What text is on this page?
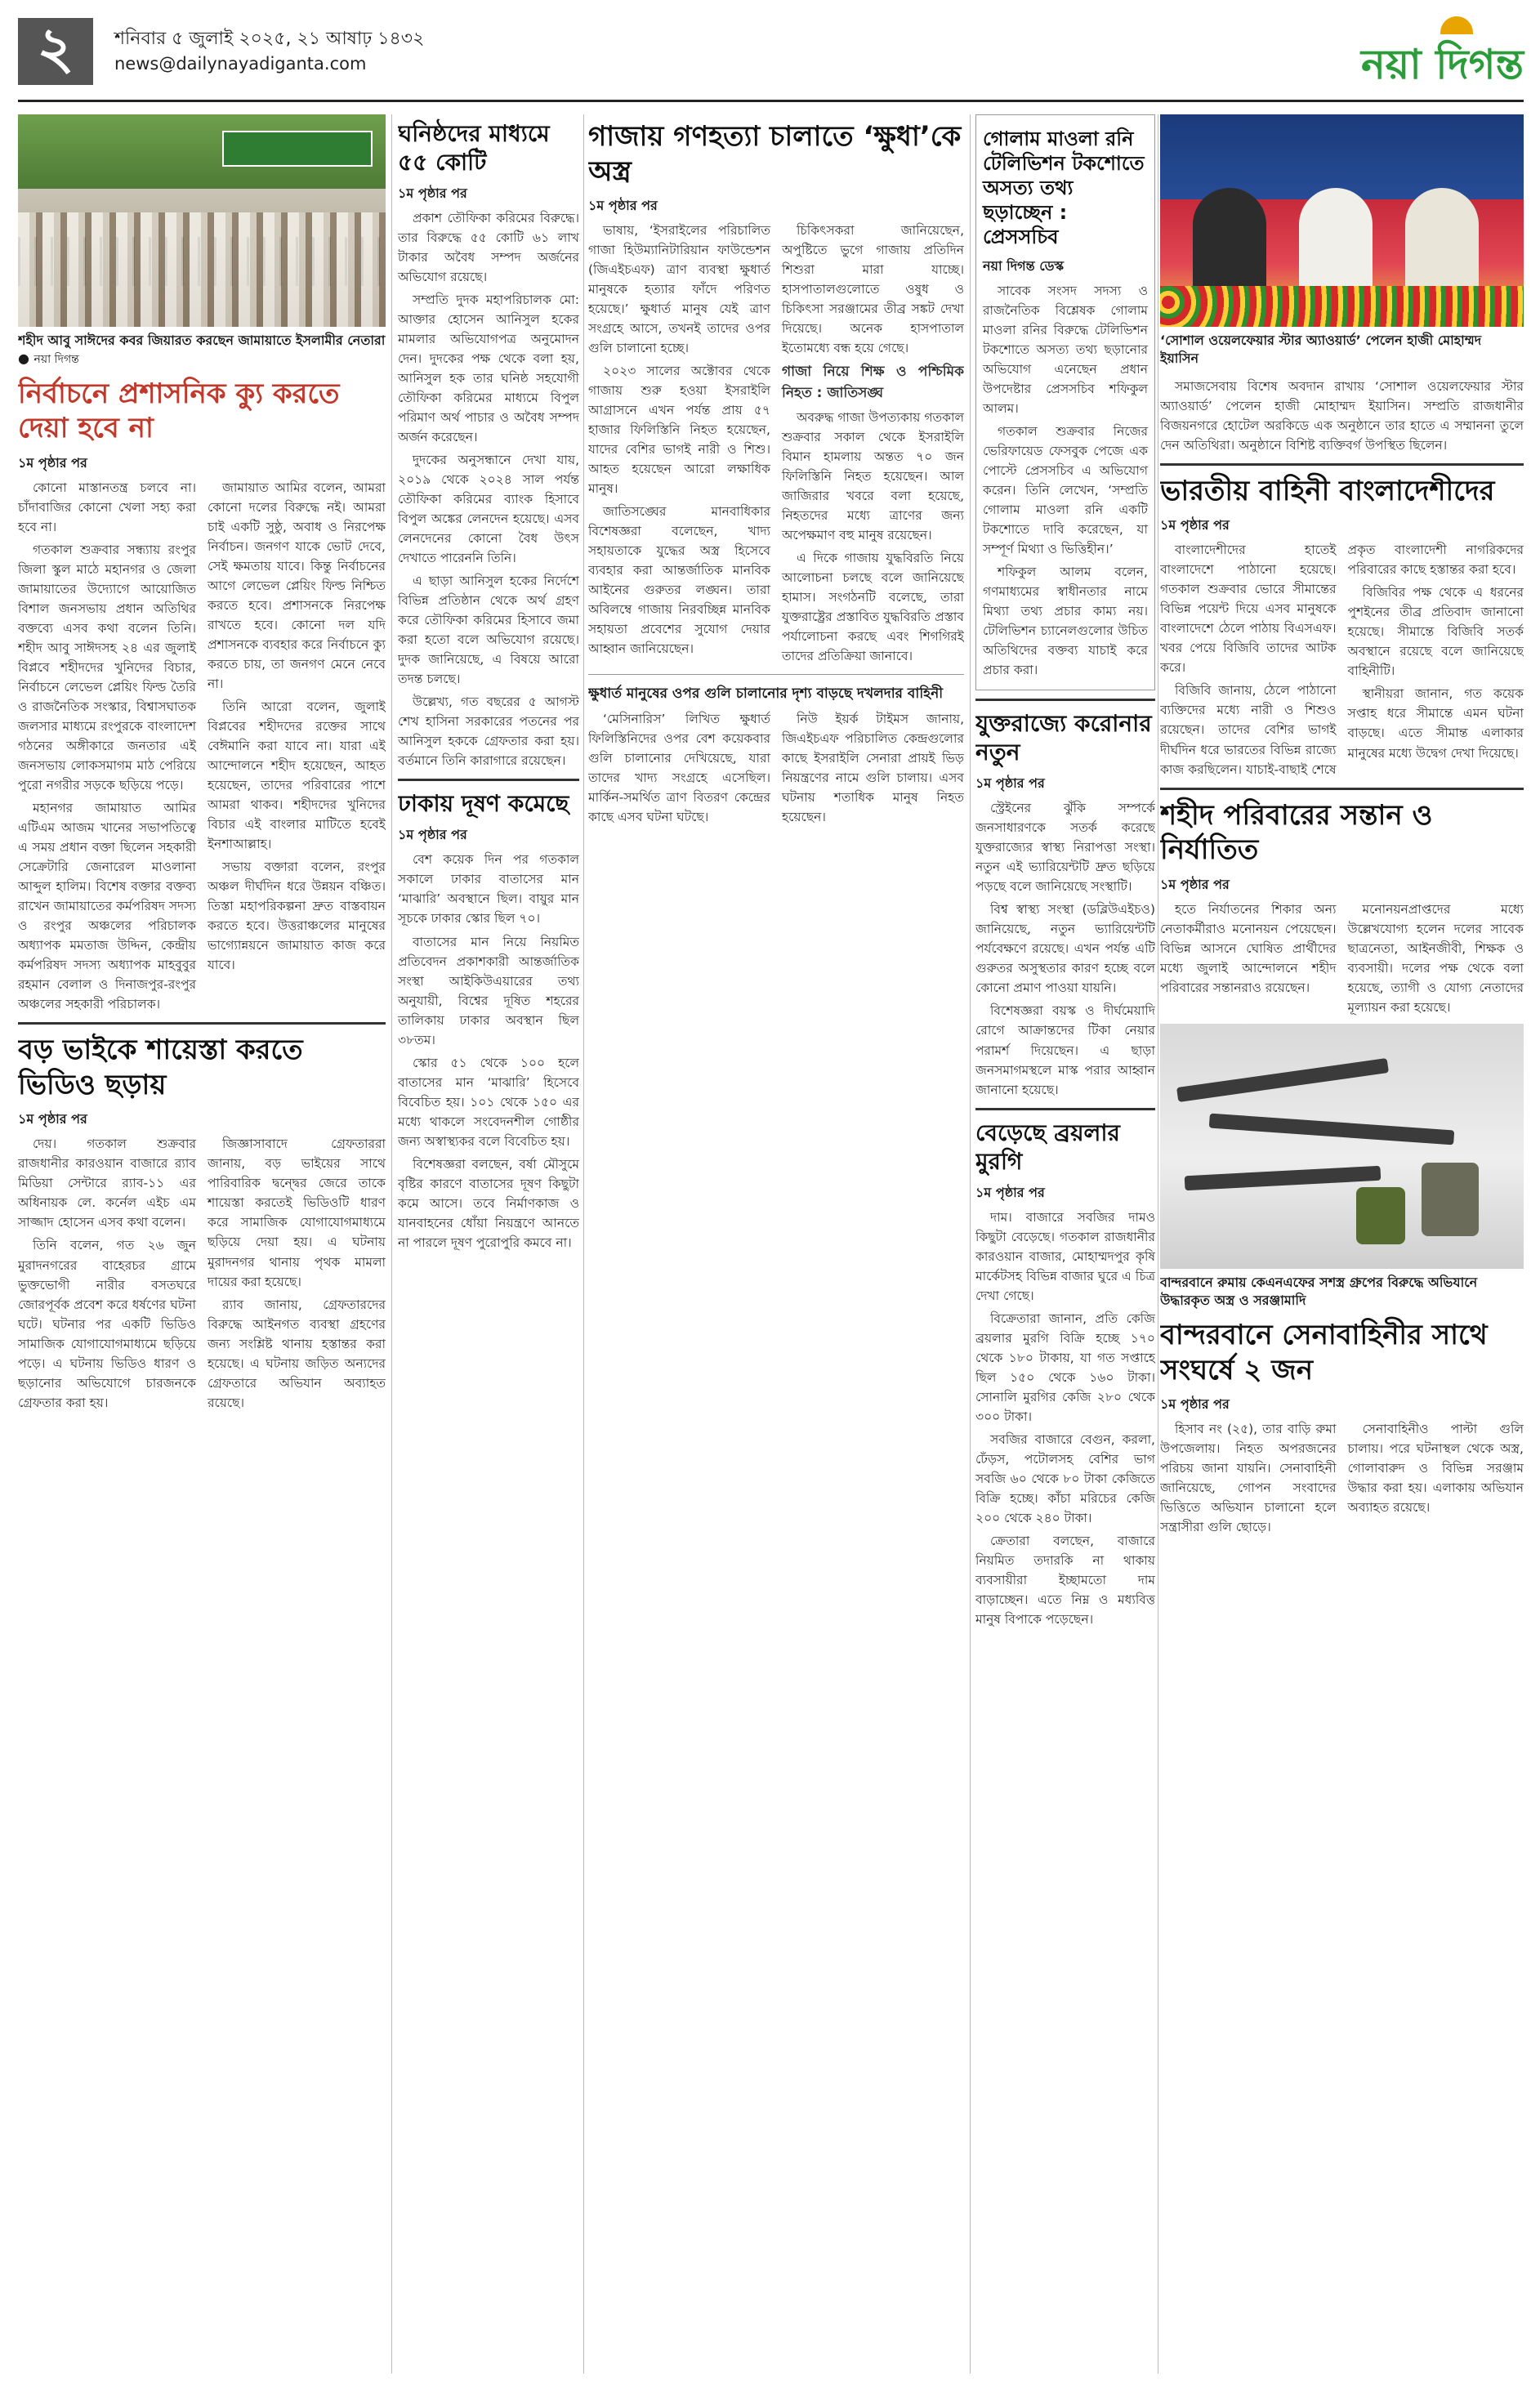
২	শনিবার ৫ জুলাই ২০২৫, ২১ আষাঢ় ১৪৩২
news@dailynayadiganta.com	নয়া দিগন্ত
শহীদ আবু সাঈদের কবর জিয়ারত করছেন জামায়াতে ইসলামীর নেতারা ● নয়া দিগন্ত
নির্বাচনে প্রশাসনিক ক্যু করতে দেয়া হবে না
১ম পৃষ্ঠার পর

কোনো মাস্তানতন্ত্র চলবে না। চাঁদাবাজির কোনো খেলা সহ্য করা হবে না।

গতকাল শুক্রবার সন্ধ্যায় রংপুর জিলা স্কুল মাঠে মহানগর ও জেলা জামায়াতের উদ্যোগে আয়োজিত বিশাল জনসভায় প্রধান অতিথির বক্তব্যে এসব কথা বলেন তিনি। শহীদ আবু সাঈদসহ ২৪ এর জুলাই বিপ্লবে শহীদদের খুনিদের বিচার, নির্বাচনে লেভেল প্লেয়িং ফিল্ড তৈরি ও রাজনৈতিক সংস্কার, বিশ্বাসঘাতক জলসার মাধ্যমে রংপুরকে বাংলাদেশ গঠনের অঙ্গীকারে জনতার এই জনসভায় লোকসমাগম মাঠ পেরিয়ে পুরো নগরীর সড়কে ছড়িয়ে পড়ে।

মহানগর জামায়াত আমির এটিএম আজম খানের সভাপতিত্বে এ সময় প্রধান বক্তা ছিলেন সহকারী সেক্রেটারি জেনারেল মাওলানা আব্দুল হালিম। বিশেষ বক্তার বক্তব্য রাখেন জামায়াতের কর্মপরিষদ সদস্য ও রংপুর অঞ্চলের পরিচালক অধ্যাপক মমতাজ উদ্দিন, কেন্দ্রীয় কর্মপরিষদ সদস্য অধ্যাপক মাহবুবুর রহমান বেলাল ও দিনাজপুর-রংপুর অঞ্চলের সহকারী পরিচালক।

জামায়াত আমির বলেন, আমরা কোনো দলের বিরুদ্ধে নই। আমরা চাই একটি সুষ্ঠু, অবাধ ও নিরপেক্ষ নির্বাচন। জনগণ যাকে ভোট দেবে, সেই ক্ষমতায় যাবে। কিন্তু নির্বাচনের আগে লেভেল প্লেয়িং ফিল্ড নিশ্চিত করতে হবে। প্রশাসনকে নিরপেক্ষ রাখতে হবে। কোনো দল যদি প্রশাসনকে ব্যবহার করে নির্বাচনে ক্যু করতে চায়, তা জনগণ মেনে নেবে না।

তিনি আরো বলেন, জুলাই বিপ্লবের শহীদদের রক্তের সাথে বেঈমানি করা যাবে না। যারা এই আন্দোলনে শহীদ হয়েছেন, আহত হয়েছেন, তাদের পরিবারের পাশে আমরা থাকব। শহীদদের খুনিদের বিচার এই বাংলার মাটিতে হবেই ইনশাআল্লাহ।

সভায় বক্তারা বলেন, রংপুর অঞ্চল দীর্ঘদিন ধরে উন্নয়ন বঞ্চিত। তিস্তা মহাপরিকল্পনা দ্রুত বাস্তবায়ন করতে হবে। উত্তরাঞ্চলের মানুষের ভাগ্যোন্নয়নে জামায়াত কাজ করে যাবে।

বড় ভাইকে শায়েস্তা করতে ভিডিও ছড়ায়
১ম পৃষ্ঠার পর

দেয়। গতকাল শুক্রবার রাজধানীর কারওয়ান বাজারে র‌্যাব মিডিয়া সেন্টারে র‌্যাব-১১ এর অধিনায়ক লে. কর্নেল এইচ এম সাজ্জাদ হোসেন এসব কথা বলেন।

তিনি বলেন, গত ২৬ জুন মুরাদনগরের বাহেরচর গ্রামে ভুক্তভোগী নারীর বসতঘরে জোরপূর্বক প্রবেশ করে ধর্ষণের ঘটনা ঘটে। ঘটনার পর একটি ভিডিও সামাজিক যোগাযোগমাধ্যমে ছড়িয়ে পড়ে। এ ঘটনায় ভিডিও ধারণ ও ছড়ানোর অভিযোগে চারজনকে গ্রেফতার করা হয়।

জিজ্ঞাসাবাদে গ্রেফতাররা জানায়, বড় ভাইয়ের সাথে পারিবারিক দ্বন্দ্বের জেরে তাকে শায়েস্তা করতেই ভিডিওটি ধারণ করে সামাজিক যোগাযোগমাধ্যমে ছড়িয়ে দেয়া হয়। এ ঘটনায় মুরাদনগর থানায় পৃথক মামলা দায়ের করা হয়েছে।

র‌্যাব জানায়, গ্রেফতারদের বিরুদ্ধে আইনগত ব্যবস্থা গ্রহণের জন্য সংশ্লিষ্ট থানায় হস্তান্তর করা হয়েছে। এ ঘটনায় জড়িত অন্যদের গ্রেফতারে অভিযান অব্যাহত রয়েছে।

ঘনিষ্ঠদের মাধ্যমে ৫৫ কোটি
১ম পৃষ্ঠার পর

প্রকাশ তৌফিকা করিমের বিরুদ্ধে। তার বিরুদ্ধে ৫৫ কোটি ৬১ লাখ টাকার অবৈধ সম্পদ অর্জনের অভিযোগ রয়েছে।

সম্প্রতি দুদক মহাপরিচালক মো: আক্তার হোসেন আনিসুল হকের মামলার অভিযোগপত্র অনুমোদন দেন। দুদকের পক্ষ থেকে বলা হয়, আনিসুল হক তার ঘনিষ্ঠ সহযোগী তৌফিকা করিমের মাধ্যমে বিপুল পরিমাণ অর্থ পাচার ও অবৈধ সম্পদ অর্জন করেছেন।

দুদকের অনুসন্ধানে দেখা যায়, ২০১৯ থেকে ২০২৪ সাল পর্যন্ত তৌফিকা করিমের ব্যাংক হিসাবে বিপুল অঙ্কের লেনদেন হয়েছে। এসব লেনদেনের কোনো বৈধ উৎস দেখাতে পারেননি তিনি।

এ ছাড়া আনিসুল হকের নির্দেশে বিভিন্ন প্রতিষ্ঠান থেকে অর্থ গ্রহণ করে তৌফিকা করিমের হিসাবে জমা করা হতো বলে অভিযোগ রয়েছে। দুদক জানিয়েছে, এ বিষয়ে আরো তদন্ত চলছে।

উল্লেখ্য, গত বছরের ৫ আগস্ট শেখ হাসিনা সরকারের পতনের পর আনিসুল হককে গ্রেফতার করা হয়। বর্তমানে তিনি কারাগারে রয়েছেন।

ঢাকায় দূষণ কমেছে
১ম পৃষ্ঠার পর

বেশ কয়েক দিন পর গতকাল সকালে ঢাকার বাতাসের মান ‘মাঝারি’ অবস্থানে ছিল। বায়ুর মান সূচকে ঢাকার স্কোর ছিল ৭০।

বাতাসের মান নিয়ে নিয়মিত প্রতিবেদন প্রকাশকারী আন্তর্জাতিক সংস্থা আইকিউএয়ারের তথ্য অনুযায়ী, বিশ্বের দূষিত শহরের তালিকায় ঢাকার অবস্থান ছিল ৩৮তম।

স্কোর ৫১ থেকে ১০০ হলে বাতাসের মান ‘মাঝারি’ হিসেবে বিবেচিত হয়। ১০১ থেকে ১৫০ এর মধ্যে থাকলে সংবেদনশীল গোষ্ঠীর জন্য অস্বাস্থ্যকর বলে বিবেচিত হয়।

বিশেষজ্ঞরা বলছেন, বর্ষা মৌসুমে বৃষ্টির কারণে বাতাসের দূষণ কিছুটা কমে আসে। তবে নির্মাণকাজ ও যানবাহনের ধোঁয়া নিয়ন্ত্রণে আনতে না পারলে দূষণ পুরোপুরি কমবে না।

গাজায় গণহত্যা চালাতে ‘ক্ষুধা’কে অস্ত্র
১ম পৃষ্ঠার পর

ভাষায়, ‘ইসরাইলের পরিচালিত গাজা হিউম্যানিটারিয়ান ফাউন্ডেশন (জিএইচএফ) ত্রাণ ব্যবস্থা ক্ষুধার্ত মানুষকে হত্যার ফাঁদে পরিণত হয়েছে।’ ক্ষুধার্ত মানুষ যেই ত্রাণ সংগ্রহে আসে, তখনই তাদের ওপর গুলি চালানো হচ্ছে।

২০২৩ সালের অক্টোবর থেকে গাজায় শুরু হওয়া ইসরাইলি আগ্রাসনে এখন পর্যন্ত প্রায় ৫৭ হাজার ফিলিস্তিনি নিহত হয়েছেন, যাদের বেশির ভাগই নারী ও শিশু। আহত হয়েছেন আরো লক্ষাধিক মানুষ।

জাতিসঙ্ঘের মানবাধিকার বিশেষজ্ঞরা বলেছেন, খাদ্য সহায়তাকে যুদ্ধের অস্ত্র হিসেবে ব্যবহার করা আন্তর্জাতিক মানবিক আইনের গুরুতর লঙ্ঘন। তারা অবিলম্বে গাজায় নিরবচ্ছিন্ন মানবিক সহায়তা প্রবেশের সুযোগ দেয়ার আহ্বান জানিয়েছেন।

চিকিৎসকরা জানিয়েছেন, অপুষ্টিতে ভুগে গাজায় প্রতিদিন শিশুরা মারা যাচ্ছে। হাসপাতালগুলোতে ওষুধ ও চিকিৎসা সরঞ্জামের তীব্র সঙ্কট দেখা দিয়েছে। অনেক হাসপাতাল ইতোমধ্যে বন্ধ হয়ে গেছে।

গাজা নিয়ে শিক্ষ ও পশ্চিমিক নিহত : জাতিসঙ্ঘ

অবরুদ্ধ গাজা উপত্যকায় গতকাল শুক্রবার সকাল থেকে ইসরাইলি বিমান হামলায় অন্তত ৭০ জন ফিলিস্তিনি নিহত হয়েছেন। আল জাজিরার খবরে বলা হয়েছে, নিহতদের মধ্যে ত্রাণের জন্য অপেক্ষমাণ বহু মানুষ রয়েছেন।

এ দিকে গাজায় যুদ্ধবিরতি নিয়ে আলোচনা চলছে বলে জানিয়েছে হামাস। সংগঠনটি বলেছে, তারা যুক্তরাষ্ট্রের প্রস্তাবিত যুদ্ধবিরতি প্রস্তাব পর্যালোচনা করছে এবং শিগগিরই তাদের প্রতিক্রিয়া জানাবে।

ক্ষুধার্ত মানুষের ওপর গুলি চালানোর দৃশ্য বাড়ছে দখলদার বাহিনী

‘মেসিনারিস’ লিখিত ক্ষুধার্ত ফিলিস্তিনিদের ওপর বেশ কয়েকবার গুলি চালানোর দেখিয়েছে, যারা তাদের খাদ্য সংগ্রহে এসেছিল। মার্কিন-সমর্থিত ত্রাণ বিতরণ কেন্দ্রের কাছে এসব ঘটনা ঘটছে।

নিউ ইয়র্ক টাইমস জানায়, জিএইচএফ পরিচালিত কেন্দ্রগুলোর কাছে ইসরাইলি সেনারা প্রায়ই ভিড় নিয়ন্ত্রণের নামে গুলি চালায়। এসব ঘটনায় শতাধিক মানুষ নিহত হয়েছেন।

গোলাম মাওলা রনি টেলিভিশন টকশোতে অসত্য তথ্য ছড়াচ্ছেন : প্রেসসচিব
নয়া দিগন্ত ডেস্ক

সাবেক সংসদ সদস্য ও রাজনৈতিক বিশ্লেষক গোলাম মাওলা রনির বিরুদ্ধে টেলিভিশন টকশোতে অসত্য তথ্য ছড়ানোর অভিযোগ এনেছেন প্রধান উপদেষ্টার প্রেসসচিব শফিকুল আলম।

গতকাল শুক্রবার নিজের ভেরিফায়েড ফেসবুক পেজে এক পোস্টে প্রেসসচিব এ অভিযোগ করেন। তিনি লেখেন, ‘সম্প্রতি গোলাম মাওলা রনি একটি টকশোতে দাবি করেছেন, যা সম্পূর্ণ মিথ্যা ও ভিত্তিহীন।’

শফিকুল আলম বলেন, গণমাধ্যমের স্বাধীনতার নামে মিথ্যা তথ্য প্রচার কাম্য নয়। টেলিভিশন চ্যানেলগুলোর উচিত অতিথিদের বক্তব্য যাচাই করে প্রচার করা।

যুক্তরাজ্যে করোনার নতুন
১ম পৃষ্ঠার পর

স্ট্রেইনের ঝুঁকি সম্পর্কে জনসাধারণকে সতর্ক করেছে যুক্তরাজ্যের স্বাস্থ্য নিরাপত্তা সংস্থা। নতুন এই ভ্যারিয়েন্টটি দ্রুত ছড়িয়ে পড়ছে বলে জানিয়েছে সংস্থাটি।

বিশ্ব স্বাস্থ্য সংস্থা (ডব্লিউএইচও) জানিয়েছে, নতুন ভ্যারিয়েন্টটি পর্যবেক্ষণে রয়েছে। এখন পর্যন্ত এটি গুরুতর অসুস্থতার কারণ হচ্ছে বলে কোনো প্রমাণ পাওয়া যায়নি।

বিশেষজ্ঞরা বয়স্ক ও দীর্ঘমেয়াদি রোগে আক্রান্তদের টিকা নেয়ার পরামর্শ দিয়েছেন। এ ছাড়া জনসমাগমস্থলে মাস্ক পরার আহ্বান জানানো হয়েছে।

বেড়েছে ব্রয়লার মুরগি
১ম পৃষ্ঠার পর

দাম। বাজারে সবজির দামও কিছুটা বেড়েছে। গতকাল রাজধানীর কারওয়ান বাজার, মোহাম্মদপুর কৃষি মার্কেটসহ বিভিন্ন বাজার ঘুরে এ চিত্র দেখা গেছে।

বিক্রেতারা জানান, প্রতি কেজি ব্রয়লার মুরগি বিক্রি হচ্ছে ১৭০ থেকে ১৮০ টাকায়, যা গত সপ্তাহে ছিল ১৫০ থেকে ১৬০ টাকা। সোনালি মুরগির কেজি ২৮০ থেকে ৩০০ টাকা।

সবজির বাজারে বেগুন, করলা, ঢেঁড়স, পটোলসহ বেশির ভাগ সবজি ৬০ থেকে ৮০ টাকা কেজিতে বিক্রি হচ্ছে। কাঁচা মরিচের কেজি ২০০ থেকে ২৪০ টাকা।

ক্রেতারা বলছেন, বাজারে নিয়মিত তদারকি না থাকায় ব্যবসায়ীরা ইচ্ছামতো দাম বাড়াচ্ছেন। এতে নিম্ন ও মধ্যবিত্ত মানুষ বিপাকে পড়েছেন।

‘সোশাল ওয়েলফেয়ার স্টার অ্যাওয়ার্ড’ পেলেন হাজী মোহাম্মদ ইয়াসিন

সমাজসেবায় বিশেষ অবদান রাখায় ‘সোশাল ওয়েলফেয়ার স্টার অ্যাওয়ার্ড’ পেলেন হাজী মোহাম্মদ ইয়াসিন। সম্প্রতি রাজধানীর বিজয়নগরে হোটেল অরকিডে এক অনুষ্ঠানে তার হাতে এ সম্মাননা তুলে দেন অতিথিরা। অনুষ্ঠানে বিশিষ্ট ব্যক্তিবর্গ উপস্থিত ছিলেন।

ভারতীয় বাহিনী বাংলাদেশীদের
১ম পৃষ্ঠার পর

বাংলাদেশীদের হাতেই বাংলাদেশে পাঠানো হয়েছে। গতকাল শুক্রবার ভোরে সীমান্তের বিভিন্ন পয়েন্ট দিয়ে এসব মানুষকে বাংলাদেশে ঠেলে পাঠায় বিএসএফ। খবর পেয়ে বিজিবি তাদের আটক করে।

বিজিবি জানায়, ঠেলে পাঠানো ব্যক্তিদের মধ্যে নারী ও শিশুও রয়েছেন। তাদের বেশির ভাগই দীর্ঘদিন ধরে ভারতের বিভিন্ন রাজ্যে কাজ করছিলেন। যাচাই-বাছাই শেষে প্রকৃত বাংলাদেশী নাগরিকদের পরিবারের কাছে হস্তান্তর করা হবে।

বিজিবির পক্ষ থেকে এ ধরনের পুশইনের তীব্র প্রতিবাদ জানানো হয়েছে। সীমান্তে বিজিবি সতর্ক অবস্থানে রয়েছে বলে জানিয়েছে বাহিনীটি।

স্থানীয়রা জানান, গত কয়েক সপ্তাহ ধরে সীমান্তে এমন ঘটনা বাড়ছে। এতে সীমান্ত এলাকার মানুষের মধ্যে উদ্বেগ দেখা দিয়েছে।

শহীদ পরিবারের সন্তান ও নির্যাতিত
১ম পৃষ্ঠার পর

হতে নির্যাতনের শিকার অন্য নেতাকর্মীরাও মনোনয়ন পেয়েছেন। বিভিন্ন আসনে ঘোষিত প্রার্থীদের মধ্যে জুলাই আন্দোলনে শহীদ পরিবারের সন্তানরাও রয়েছেন।

মনোনয়নপ্রাপ্তদের মধ্যে উল্লেখযোগ্য হলেন দলের সাবেক ছাত্রনেতা, আইনজীবী, শিক্ষক ও ব্যবসায়ী। দলের পক্ষ থেকে বলা হয়েছে, ত্যাগী ও যোগ্য নেতাদের মূল্যায়ন করা হয়েছে।

বান্দরবানে রুমায় কেএনএফের সশস্ত্র গ্রুপের বিরুদ্ধে অভিযানে উদ্ধারকৃত অস্ত্র ও সরঞ্জামাদি
বান্দরবানে সেনাবাহিনীর সাথে সংঘর্ষে ২ জন
১ম পৃষ্ঠার পর

হিসাব নং (২৫), তার বাড়ি রুমা উপজেলায়। নিহত অপরজনের পরিচয় জানা যায়নি। সেনাবাহিনী জানিয়েছে, গোপন সংবাদের ভিত্তিতে অভিযান চালানো হলে সন্ত্রাসীরা গুলি ছোড়ে।

সেনাবাহিনীও পাল্টা গুলি চালায়। পরে ঘটনাস্থল থেকে অস্ত্র, গোলাবারুদ ও বিভিন্ন সরঞ্জাম উদ্ধার করা হয়। এলাকায় অভিযান অব্যাহত রয়েছে।
